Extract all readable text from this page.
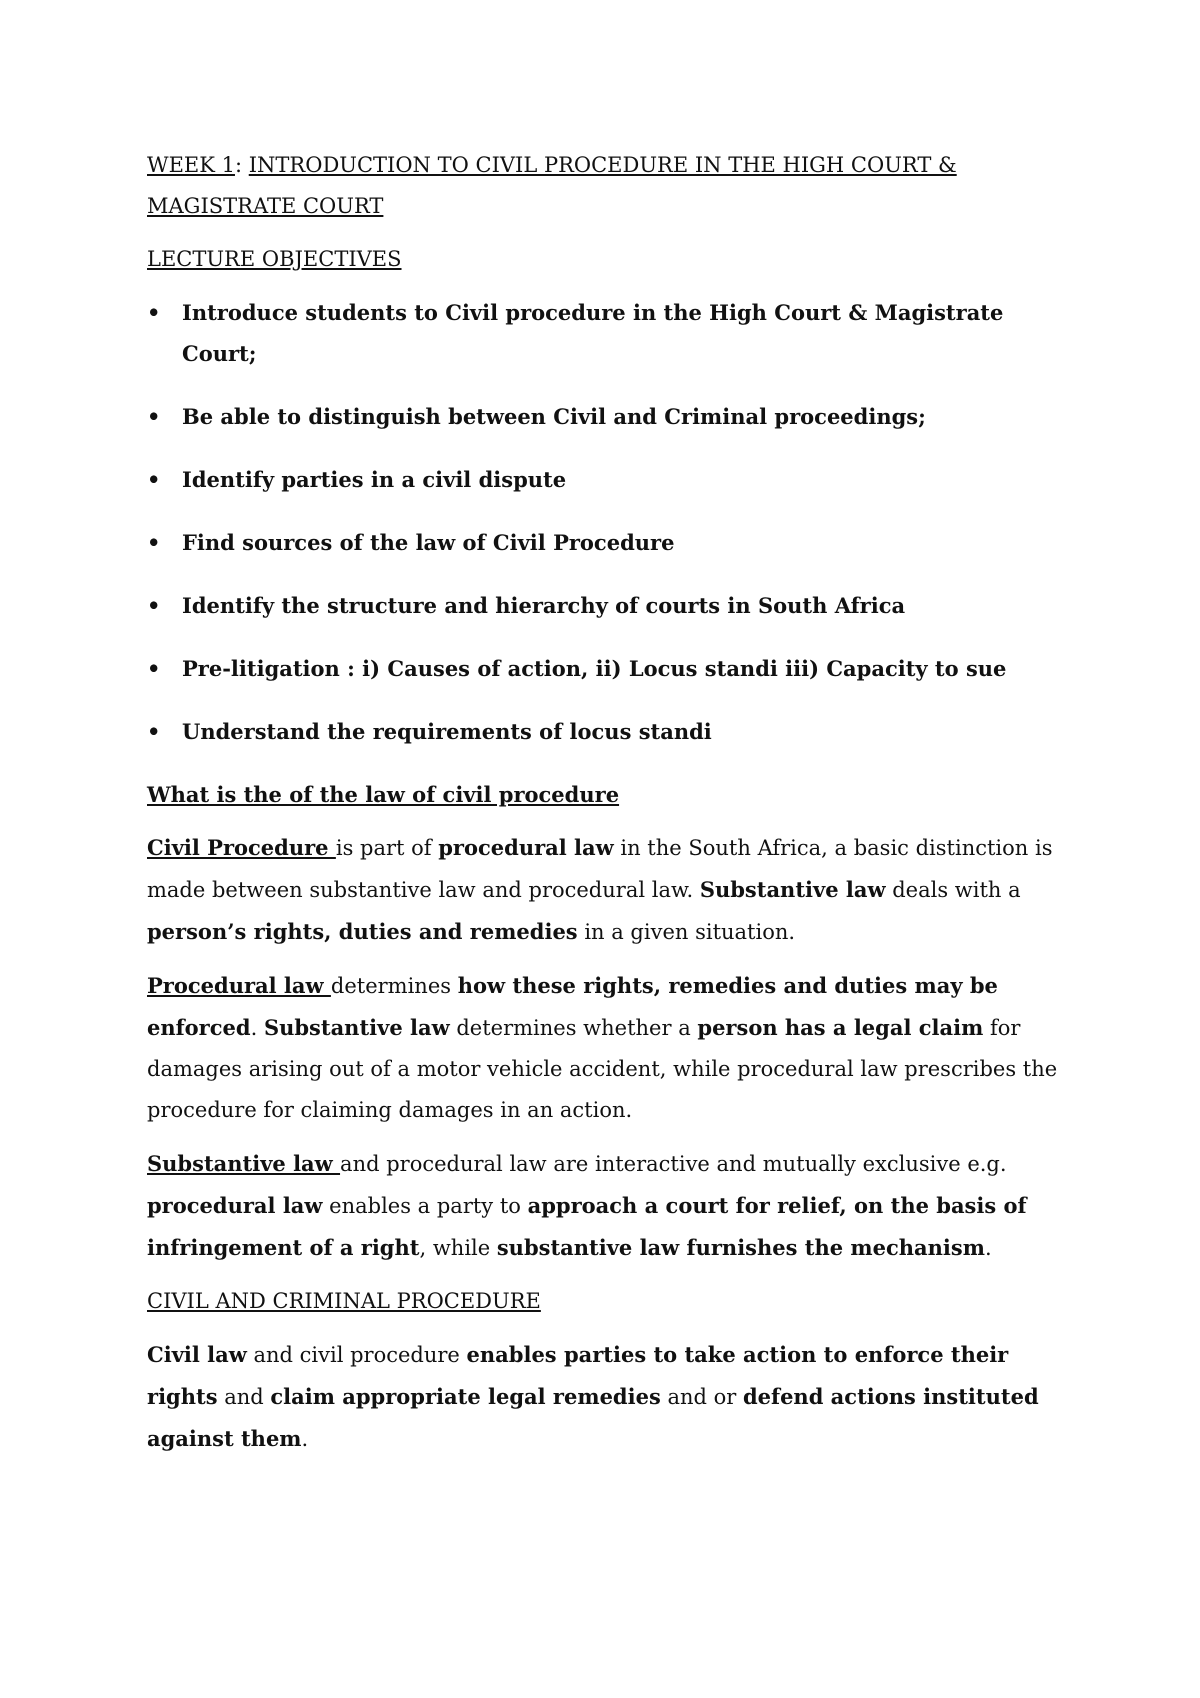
WEEK 1: INTRODUCTION TO CIVIL PROCEDURE IN THE HIGH COURT & MAGISTRATE COURT
LECTURE OBJECTIVES
• Introduce students to Civil procedure in the High Court & Magistrate Court;
• Be able to distinguish between Civil and Criminal proceedings;
• Identify parties in a civil dispute
• Find sources of the law of Civil Procedure
• Identify the structure and hierarchy of courts in South Africa
• Pre-litigation : i) Causes of action, ii) Locus standi iii) Capacity to sue
• Understand the requirements of locus standi
What is the of the law of civil procedure

Civil Procedure is part of procedural law in the South Africa, a basic distinction is made between substantive law and procedural law. Substantive law deals with a person’s rights, duties and remedies in a given situation.

Procedural law determines how these rights, remedies and duties may be enforced. Substantive law determines whether a person has a legal claim for damages arising out of a motor vehicle accident, while procedural law prescribes the procedure for claiming damages in an action.

Substantive law and procedural law are interactive and mutually exclusive e.g. procedural law enables a party to approach a court for relief, on the basis of infringement of a right, while substantive law furnishes the mechanism.

CIVIL AND CRIMINAL PROCEDURE

Civil law and civil procedure enables parties to take action to enforce their rights and claim appropriate legal remedies and or defend actions instituted against them.
